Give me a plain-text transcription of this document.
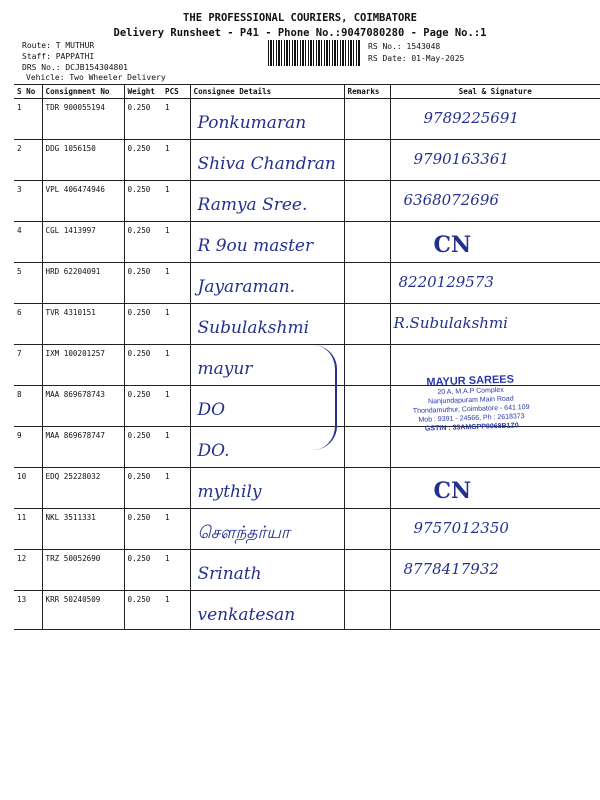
THE PROFESSIONAL COURIERS, COIMBATORE
Delivery Runsheet - P41 - Phone No.:9047080280 - Page No.:1
Route: T MUTHUR
Staff: PAPPATHI
DRS No.: DCJB154304801
Vehicle: Two Wheeler Delivery
RS No.: 1543048
RS Date: 01-May-2025
S No	Consignment No	Weight	PCS	Consignee Details	Remarks	Seal & Signature
1	TDR 900055194	0.250	1	Ponkumaran		9789225691

2	DDG 1056150	0.250	1	Shiva Chandran		9790163361

3	VPL 406474946	0.250	1	Ramya Sree.		6368072696

4	CGL 1413997	0.250	1	R 9ou master		CN

5	HRD 62204091	0.250	1	Jayaraman.		8220129573

6	TVR 4310151	0.250	1	Subulakshmi		R.Subulakshmi

7	IXM 100201257	0.250	1	mayur		

8	MAA 869678743	0.250	1	DO		

9	MAA 869678747	0.250	1	DO.		

10	EDQ 25228032	0.250	1	mythily		CN

11	NKL 3511331	0.250	1	சௌந்தர்யா		9757012350

12	TRZ 50052690	0.250	1	Srinath		8778417932

13	KRR 50240509	0.250	1	venkatesan		

MAYUR SAREES
20 A, M.A.P Complex
Nanjundapuram Main Road
Thondamuthur, Coimbatore - 641 109
Mob : 9391 - 24566, Ph : 2618373
GSTIN : 33AMGPP0068B1Z0
